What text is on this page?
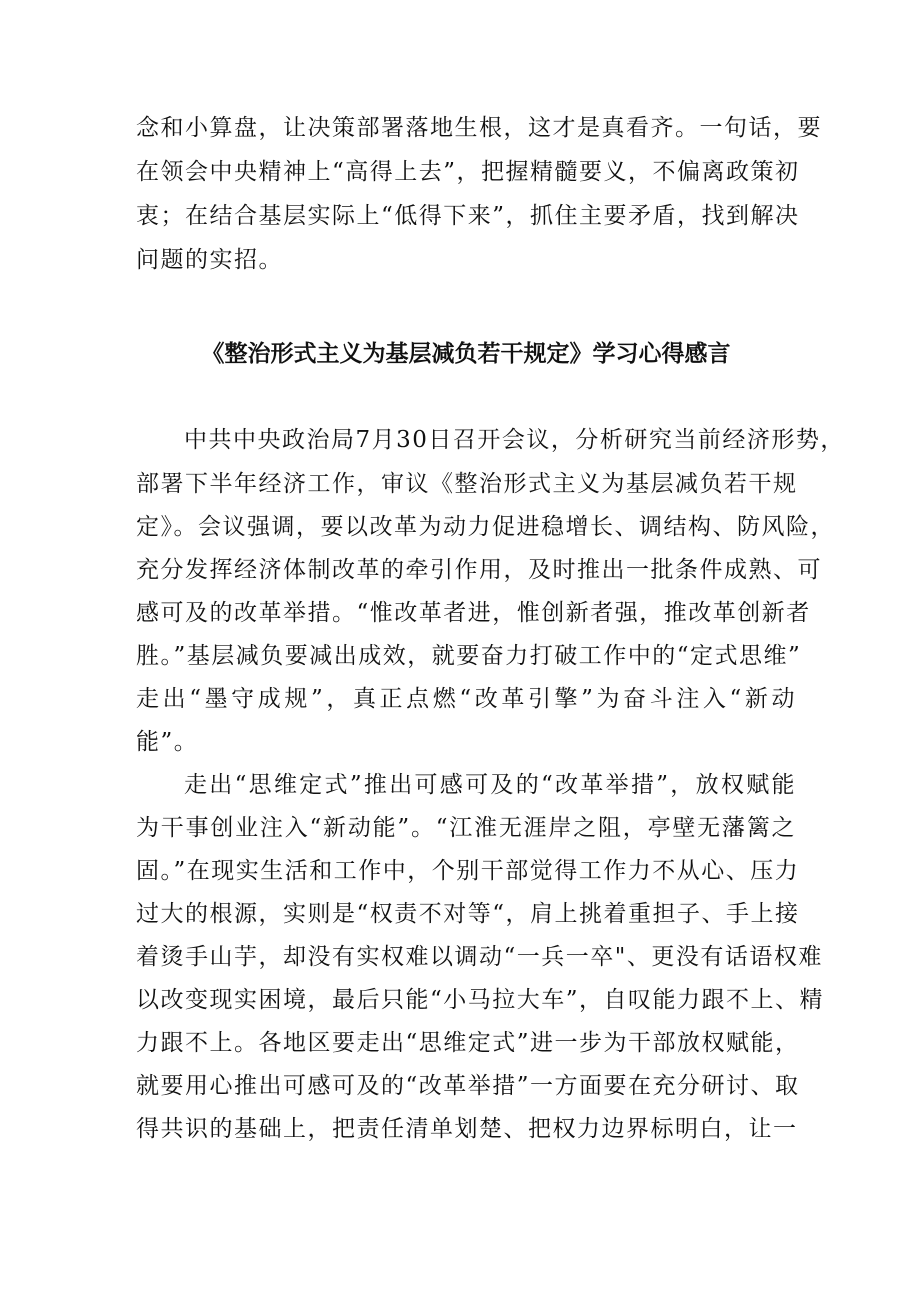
念和小算盘，让决策部署落地生根，这才是真看齐。一句话，要
在领会中央精神上“高得上去”，把握精髓要义，不偏离政策初
衷；在结合基层实际上“低得下来”，抓住主要矛盾，找到解决
问题的实招。
《整治形式主义为基层减负若干规定》学习心得感言
中共中央政治局7月30日召开会议，分析研究当前经济形势，
部署下半年经济工作，审议《整治形式主义为基层减负若干规
定》。会议强调，要以改革为动力促进稳增长、调结构、防风险，
充分发挥经济体制改革的牵引作用，及时推出一批条件成熟、可
感可及的改革举措。“惟改革者进，惟创新者强，推改革创新者
胜。”基层减负要减出成效，就要奋力打破工作中的“定式思维”
走出“墨守成规”，真正点燃“改革引擎”为奋斗注入“新动
能”。
走出“思维定式”推出可感可及的“改革举措”，放权赋能
为干事创业注入“新动能”。“江淮无涯岸之阻，亭壁无藩篱之
固。”在现实生活和工作中，个别干部觉得工作力不从心、压力
过大的根源，实则是“权责不对等“，肩上挑着重担子、手上接
着烫手山芋，却没有实权难以调动“一兵一卒"、更没有话语权难
以改变现实困境，最后只能“小马拉大车”，自叹能力跟不上、精
力跟不上。各地区要走出“思维定式”进一步为干部放权赋能，
就要用心推出可感可及的“改革举措”一方面要在充分研讨、取
得共识的基础上，把责任清单划楚、把权力边界标明白，让一
